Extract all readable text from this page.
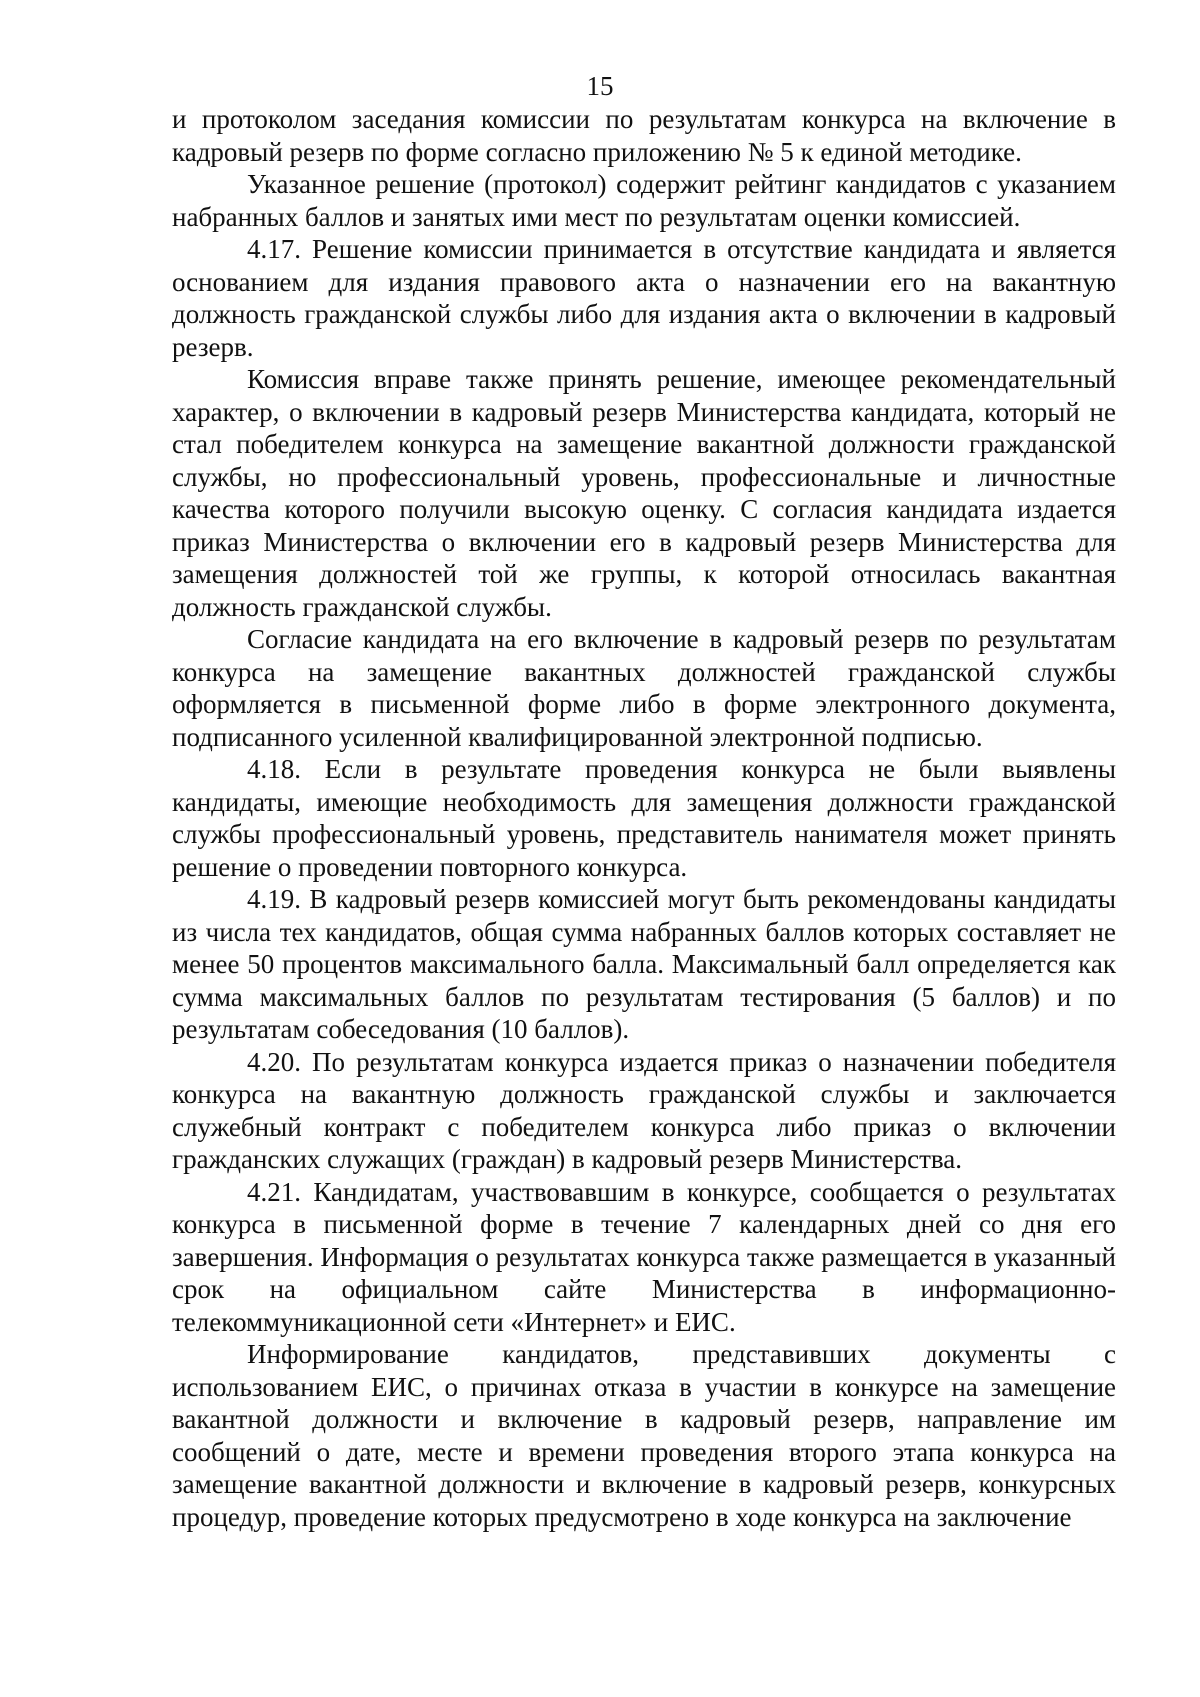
15

и протоколом заседания комиссии по результатам конкурса на включение в кадровый резерв по форме согласно приложению № 5 к единой методике.

Указанное решение (протокол) содержит рейтинг кандидатов с указанием набранных баллов и занятых ими мест по результатам оценки комиссией.

4.17. Решение комиссии принимается в отсутствие кандидата и является основанием для издания правового акта о назначении его на вакантную должность гражданской службы либо для издания акта о включении в кадровый резерв.

Комиссия вправе также принять решение, имеющее рекомендательный характер, о включении в кадровый резерв Министерства кандидата, который не стал победителем конкурса на замещение вакантной должности гражданской службы, но профессиональный уровень, профессиональные и личностные качества которого получили высокую оценку. С согласия кандидата издается приказ Министерства о включении его в кадровый резерв Министерства для замещения должностей той же группы, к которой относилась вакантная должность гражданской службы.

Согласие кандидата на его включение в кадровый резерв по результатам конкурса на замещение вакантных должностей гражданской службы оформляется в письменной форме либо в форме электронного документа, подписанного усиленной квалифицированной электронной подписью.

4.18. Если в результате проведения конкурса не были выявлены кандидаты, имеющие необходимость для замещения должности гражданской службы профессиональный уровень, представитель нанимателя может принять решение о проведении повторного конкурса.

4.19. В кадровый резерв комиссией могут быть рекомендованы кандидаты из числа тех кандидатов, общая сумма набранных баллов которых составляет не менее 50 процентов максимального балла. Максимальный балл определяется как сумма максимальных баллов по результатам тестирования (5 баллов) и по результатам собеседования (10 баллов).

4.20. По результатам конкурса издается приказ о назначении победителя конкурса на вакантную должность гражданской службы и заключается служебный контракт с победителем конкурса либо приказ о включении гражданских служащих (граждан) в кадровый резерв Министерства.

4.21. Кандидатам, участвовавшим в конкурсе, сообщается о результатах конкурса в письменной форме в течение 7 календарных дней со дня его завершения. Информация о результатах конкурса также размещается в указанный срок на официальном сайте Министерства в информационно-телекоммуникационной сети «Интернет» и ЕИС.

Информирование кандидатов, представивших документы с использованием ЕИС, о причинах отказа в участии в конкурсе на замещение вакантной должности и включение в кадровый резерв, направление им сообщений о дате, месте и времени проведения второго этапа конкурса на замещение вакантной должности и включение в кадровый резерв, конкурсных процедур, проведение которых предусмотрено в ходе конкурса на заключение
